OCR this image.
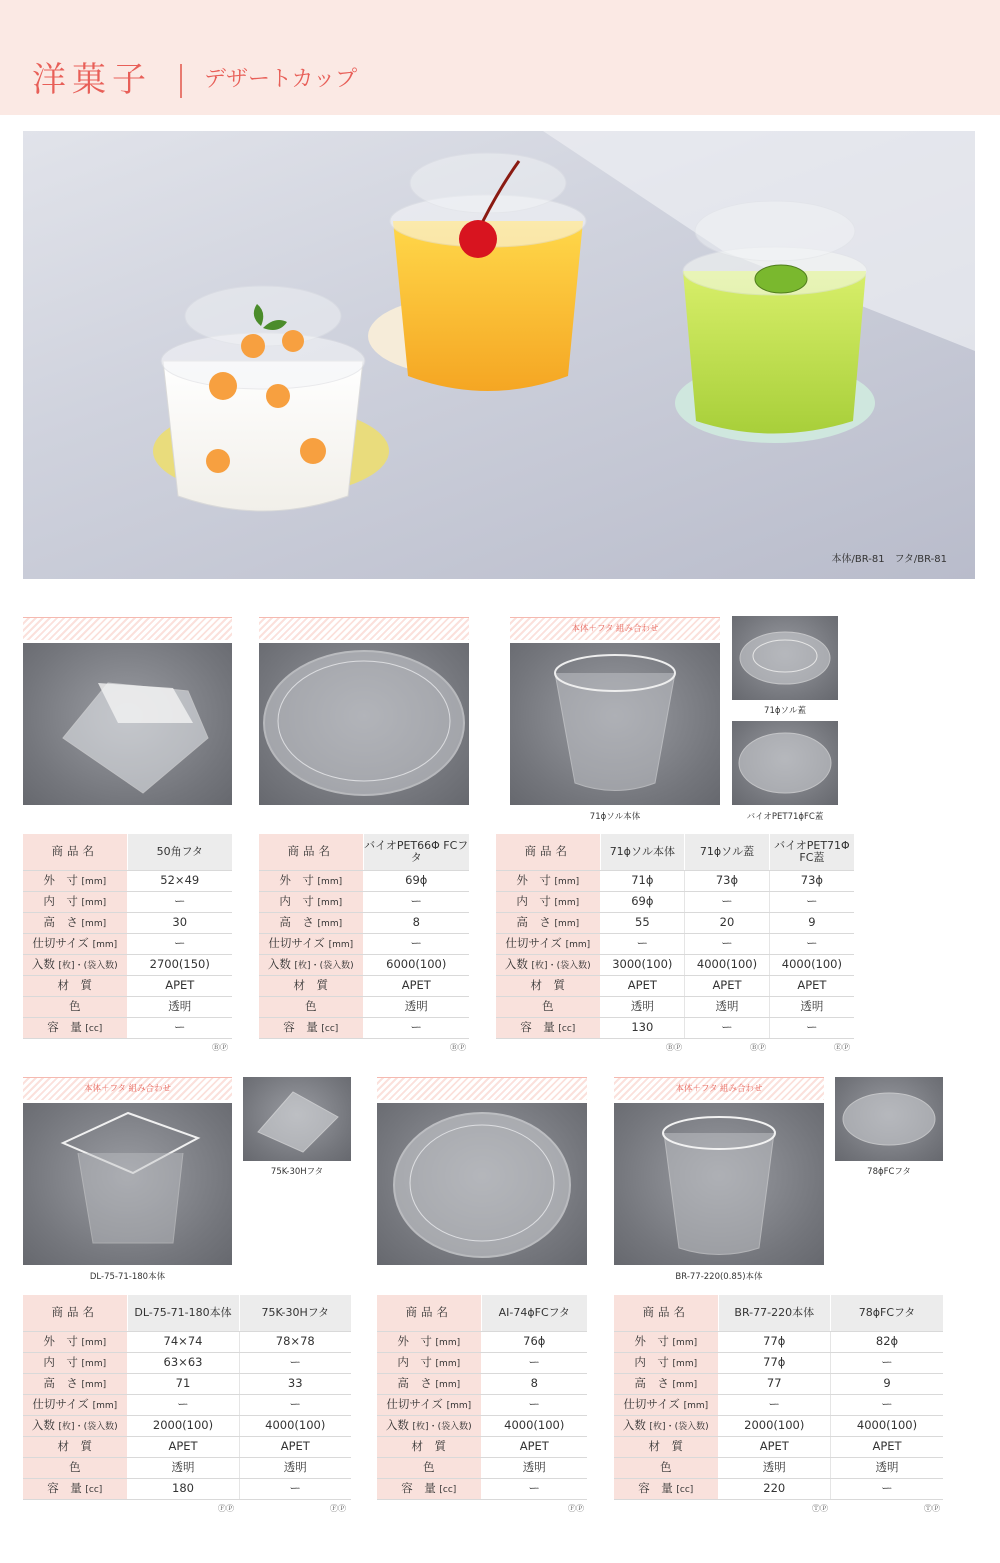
洋菓子 デザートカップ
本体/BR-81　フタ/BR-81
本体＋フタ 組み合わせ
71ϕソル本体
71ϕソル蓋
バイオPET71ϕFC蓋
商品名	50角フタ
外　寸 [mm]	52×49
内　寸 [mm]	ー
高　さ [mm]	30
仕切サイズ [mm]	ー
入数 [枚]・(袋入数)	2700(150)
材　質	APET
色	透明
容　量 [cc]	ー
ⒷⓅ
商品名	バイオPET66Φ FCフタ
外　寸 [mm]	69ϕ
内　寸 [mm]	ー
高　さ [mm]	8
仕切サイズ [mm]	ー
入数 [枚]・(袋入数)	6000(100)
材　質	APET
色	透明
容　量 [cc]	ー
ⒷⓅ
商品名	71ϕソル本体	71ϕソル蓋	バイオPET71Φ FC蓋
外　寸 [mm]	71ϕ	73ϕ	73ϕ
内　寸 [mm]	69ϕ	ー	ー
高　さ [mm]	55	20	9
仕切サイズ [mm]	ー	ー	ー
入数 [枚]・(袋入数)	3000(100)	4000(100)	4000(100)
材　質	APET	APET	APET
色	透明	透明	透明
容　量 [cc]	130	ー	ー
ⒷⓅ	ⒷⓅ	ⒺⓅ
本体＋フタ 組み合わせ	本体＋フタ 組み合わせ
DL-75-71-180本体
75K-30Hフタ
BR-77-220(0.85)本体
78ϕFCフタ
商品名	DL-75-71-180本体	75K-30Hフタ
外　寸 [mm]	74×74	78×78
内　寸 [mm]	63×63	ー
高　さ [mm]	71	33
仕切サイズ [mm]	ー	ー
入数 [枚]・(袋入数)	2000(100)	4000(100)
材　質	APET	APET
色	透明	透明
容　量 [cc]	180	ー
ⒻⓅ	ⒻⓅ
商品名	AI-74ϕFCフタ
外　寸 [mm]	76ϕ
内　寸 [mm]	ー
高　さ [mm]	8
仕切サイズ [mm]	ー
入数 [枚]・(袋入数)	4000(100)
材　質	APET
色	透明
容　量 [cc]	ー
ⒻⓅ
商品名	BR-77-220本体	78ϕFCフタ
外　寸 [mm]	77ϕ	82ϕ
内　寸 [mm]	77ϕ	ー
高　さ [mm]	77	9
仕切サイズ [mm]	ー	ー
入数 [枚]・(袋入数)	2000(100)	4000(100)
材　質	APET	APET
色	透明	透明
容　量 [cc]	220	ー
ⓉⓅ	ⓉⓅ
